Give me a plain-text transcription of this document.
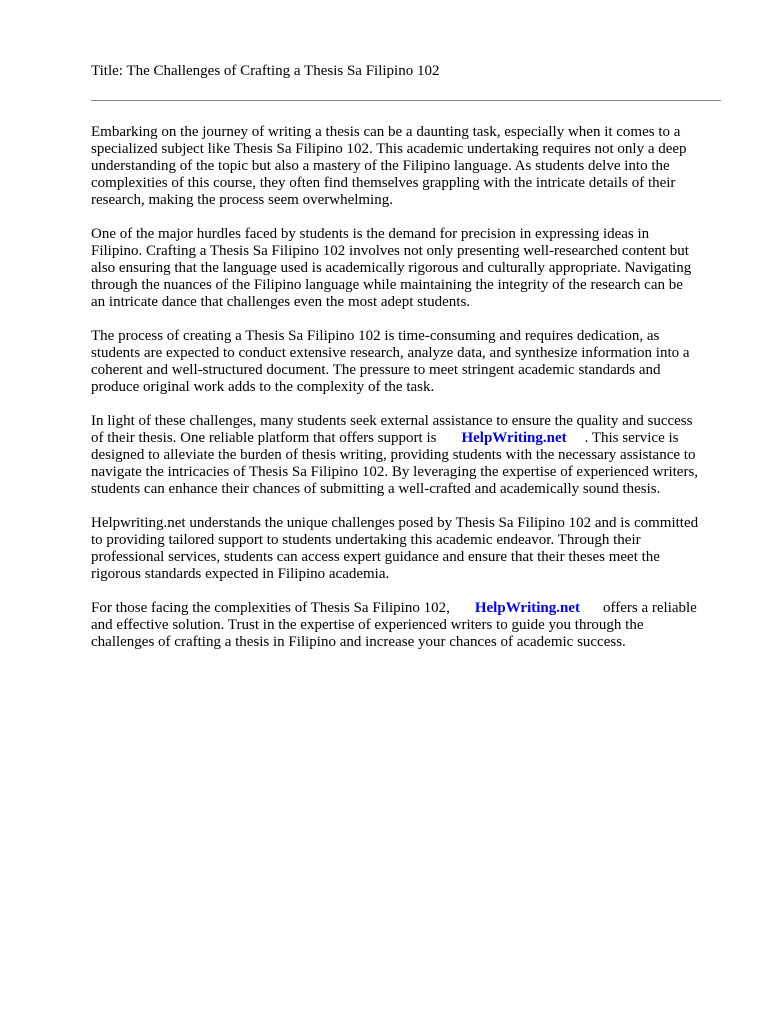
Title: The Challenges of Crafting a Thesis Sa Filipino 102

Embarking on the journey of writing a thesis can be a daunting task, especially when it comes to a
specialized subject like Thesis Sa Filipino 102. This academic undertaking requires not only a deep
understanding of the topic but also a mastery of the Filipino language. As students delve into the
complexities of this course, they often find themselves grappling with the intricate details of their
research, making the process seem overwhelming.

One of the major hurdles faced by students is the demand for precision in expressing ideas in
Filipino. Crafting a Thesis Sa Filipino 102 involves not only presenting well-researched content but
also ensuring that the language used is academically rigorous and culturally appropriate. Navigating
through the nuances of the Filipino language while maintaining the integrity of the research can be
an intricate dance that challenges even the most adept students.

The process of creating a Thesis Sa Filipino 102 is time-consuming and requires dedication, as
students are expected to conduct extensive research, analyze data, and synthesize information into a
coherent and well-structured document. The pressure to meet stringent academic standards and
produce original work adds to the complexity of the task.

In light of these challenges, many students seek external assistance to ensure the quality and success
of their thesis. One reliable platform that offers support is HelpWriting.net . This service is
designed to alleviate the burden of thesis writing, providing students with the necessary assistance to
navigate the intricacies of Thesis Sa Filipino 102. By leveraging the expertise of experienced writers,
students can enhance their chances of submitting a well-crafted and academically sound thesis.

Helpwriting.net understands the unique challenges posed by Thesis Sa Filipino 102 and is committed
to providing tailored support to students undertaking this academic endeavor. Through their
professional services, students can access expert guidance and ensure that their theses meet the
rigorous standards expected in Filipino academia.

For those facing the complexities of Thesis Sa Filipino 102, HelpWriting.net offers a reliable
and effective solution. Trust in the expertise of experienced writers to guide you through the
challenges of crafting a thesis in Filipino and increase your chances of academic success.
